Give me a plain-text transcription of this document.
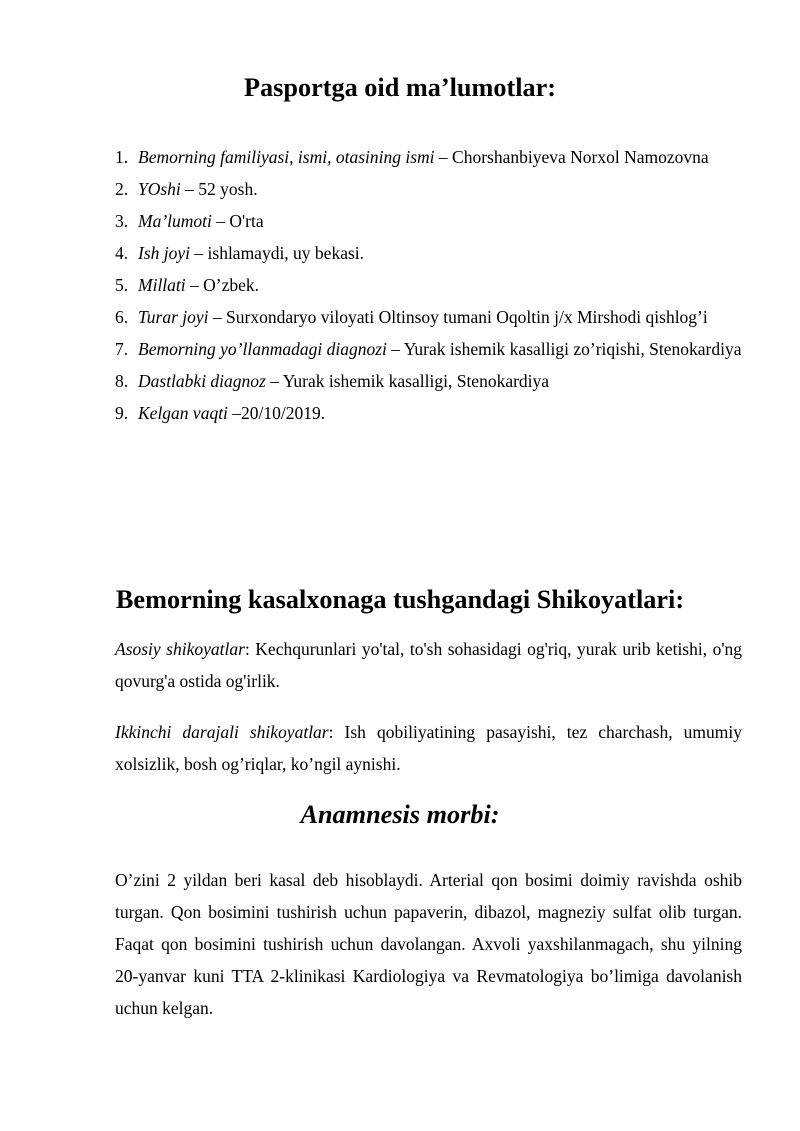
Pasportga oid ma’lumotlar:
1. Bemorning familiyasi, ismi, otasining ismi – Chorshanbiyeva Norxol Namozovna
2. YOshi – 52 yosh.
3. Ma’lumoti – O'rta
4. Ish joyi – ishlamaydi, uy bekasi.
5. Millati – O’zbek.
6. Turar joyi – Surxondaryo viloyati Oltinsoy tumani Oqoltin j/x Mirshodi qishlog’i
7. Bemorning yo’llanmadagi diagnozi – Yurak ishemik kasalligi zo’riqishi, Stenokardiya
8. Dastlabki diagnoz – Yurak ishemik kasalligi, Stenokardiya
9. Kelgan vaqti –20/10/2019.
Bemorning kasalxonaga tushgandagi Shikoyatlari:

Asosiy shikoyatlar: Kechqurunlari yo'tal, to'sh sohasidagi og'riq, yurak urib ketishi, o'ng qovurg'a ostida og'irlik.

Ikkinchi darajali shikoyatlar: Ish qobiliyatining pasayishi, tez charchash, umumiy xolsizlik, bosh og’riqlar, ko’ngil aynishi.

Anamnesis morbi:

O’zini 2 yildan beri kasal deb hisoblaydi. Arterial qon bosimi doimiy ravishda oshib turgan. Qon bosimini tushirish uchun papaverin, dibazol, magneziy sulfat olib turgan. Faqat qon bosimini tushirish uchun davolangan. Axvoli yaxshilanmagach, shu yilning 20-yanvar kuni TTA 2-klinikasi Kardiologiya va Revmatologiya bo’limiga davolanish uchun kelgan.
